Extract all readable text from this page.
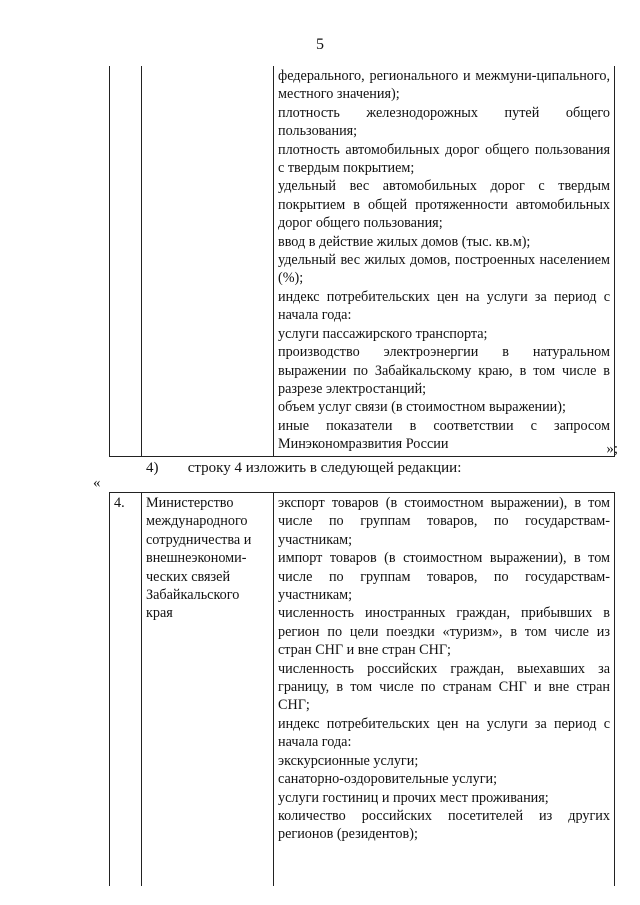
5

федерального, регионального и межмуни-ципального, местного значения);
плотность железнодорожных путей общего пользования;
плотность автомобильных дорог общего пользования с твердым покрытием;
удельный вес автомобильных дорог с твердым покрытием в общей протяженности автомобильных дорог общего пользования;
ввод в действие жилых домов (тыс. кв.м);
удельный вес жилых домов, построенных населением (%);
индекс потребительских цен на услуги за период с начала года:
услуги пассажирского транспорта;
производство электроэнергии в натуральном выражении по Забайкальскому краю, в том числе в разрезе электростанций;
объем услуг связи (в стоимостном выражении);
иные показатели в соответствии с запросом Минэкономразвития России	»;
4) строку 4 изложить в следующей редакции:
«
4.	Министерство международного сотрудничества и внешнеэкономи-ческих связей Забайкальского края	
экспорт товаров (в стоимостном выражении), в том числе по группам товаров, по государствам-участникам;
импорт товаров (в стоимостном выражении), в том числе по группам товаров, по государствам-участникам;
численность иностранных граждан, прибывших в регион по цели поездки «туризм», в том числе из стран СНГ и вне стран СНГ;
численность российских граждан, выехавших за границу, в том числе по странам СНГ и вне стран СНГ;
индекс потребительских цен на услуги за период с начала года:
экскурсионные услуги;
санаторно-оздоровительные услуги;
услуги гостиниц и прочих мест проживания;
количество российских посетителей из других регионов (резидентов);
